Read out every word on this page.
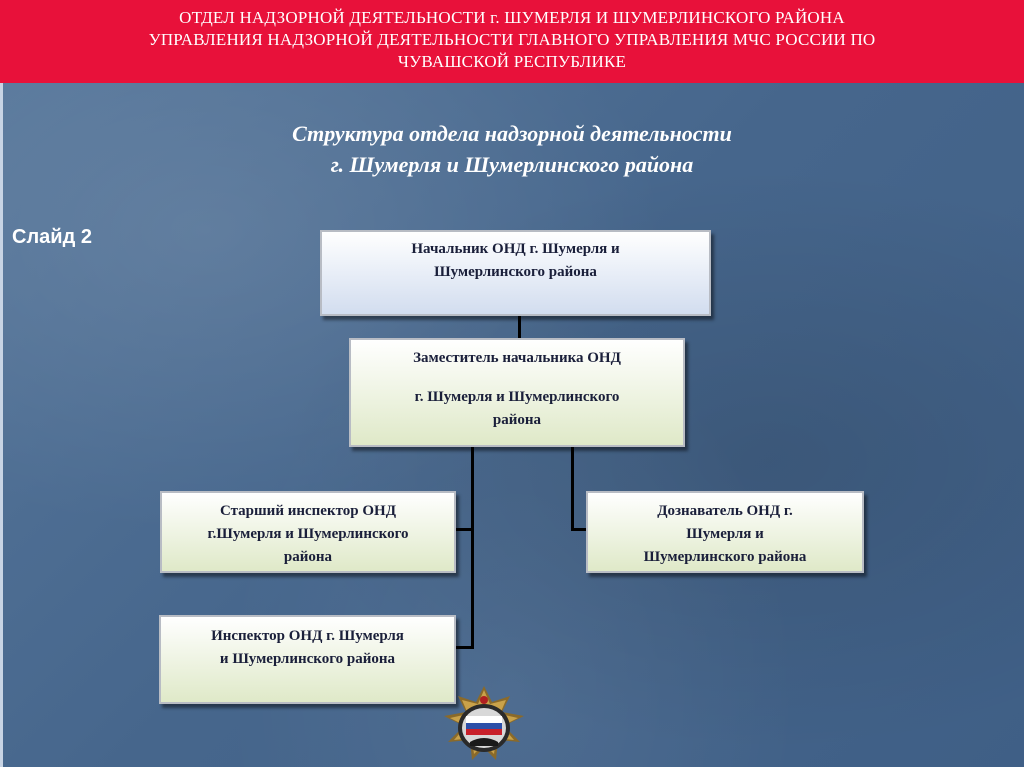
ОТДЕЛ НАДЗОРНОЙ ДЕЯТЕЛЬНОСТИ г. ШУМЕРЛЯ И ШУМЕРЛИНСКОГО РАЙОНА
УПРАВЛЕНИЯ НАДЗОРНОЙ ДЕЯТЕЛЬНОСТИ ГЛАВНОГО УПРАВЛЕНИЯ МЧС РОССИИ ПО
ЧУВАШСКОЙ РЕСПУБЛИКЕ
Структура отдела надзорной деятельности
г. Шумерля и Шумерлинского района
Слайд 2

Начальник ОНД г. Шумерля и

Шумерлинского района

Заместитель начальника ОНД

г. Шумерля и Шумерлинского

района

Старший инспектор ОНД

г.Шумерля и Шумерлинского

района

Дознаватель ОНД г.

Шумерля и

Шумерлинского района

Инспектор ОНД г. Шумерля

и Шумерлинского района
